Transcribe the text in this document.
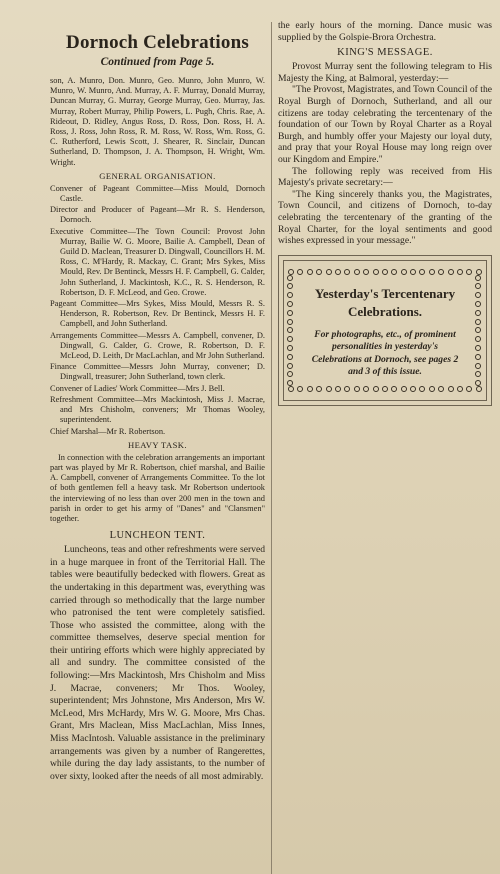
Dornoch Celebrations
Continued from Page 5.

son, A. Munro, Don. Munro, Geo. Munro, John Munro, W. Munro, W. Munro, And. Murray, A. F. Murray, Donald Murray, Duncan Murray, G. Murray, George Murray, Geo. Murray, Jas. Murray, Robert Murray, Philip Powers, L. Pugh, Chris. Rae, A. Rideout, D. Ridley, Angus Ross, D. Ross, Don. Ross, H. A. Ross, J. Ross, John Ross, R. M. Ross, W. Ross, Wm. Ross, G. C. Rutherford, Lewis Scott, J. Shearer, R. Sinclair, Duncan Sutherland, D. Thompson, J. A. Thompson, H. Wright, Wm. Wright.

GENERAL ORGANISATION.

Convener of Pageant Committee—Miss Mould, Dornoch Castle.

Director and Producer of Pageant—Mr R. S. Henderson, Dornoch.

Executive Committee—The Town Council: Provost John Murray, Bailie W. G. Moore, Bailie A. Campbell, Dean of Guild D. Maclean, Treasurer D. Dingwall, Councillors H. M. Ross, C. M'Hardy, R. Mackay, C. Grant; Mrs Sykes, Miss Mould, Rev. Dr Bentinck, Messrs H. F. Campbell, G. Calder, John Sutherland, J. Mackintosh, K.C., R. S. Henderson, R. Robertson, D. F. McLeod, and Geo. Crowe.

Pageant Committee—Mrs Sykes, Miss Mould, Messrs R. S. Henderson, R. Robertson, Rev. Dr Bentinck, Messrs H. F. Campbell, and John Sutherland.

Arrangements Committee—Messrs A. Campbell, convener, D. Dingwall, G. Calder, G. Crowe, R. Robertson, D. F. McLeod, D. Leith, Dr MacLachlan, and Mr John Sutherland.

Finance Committee—Messrs John Murray, convener; D. Dingwall, treasurer; John Sutherland, town clerk.

Convener of Ladies' Work Committee—Mrs J. Bell.

Refreshment Committee—Mrs Mackintosh, Miss J. Macrae, and Mrs Chisholm, conveners; Mr Thomas Wooley, superintendent.

Chief Marshal—Mr R. Robertson.

HEAVY TASK.

In connection with the celebration arrangements an important part was played by Mr R. Robertson, chief marshal, and Bailie A. Campbell, convener of Arrangements Committee. To the lot of both gentlemen fell a heavy task. Mr Robertson undertook the interviewing of no less than over 200 men in the town and parish in order to get his army of "Danes" and "Clansmen" together.

LUNCHEON TENT.

Luncheons, teas and other refreshments were served in a huge marquee in front of the Territorial Hall. The tables were beautifully bedecked with flowers. Great as the undertaking in this department was, everything was carried through so methodically that the large number who patronised the tent were completely satisfied. Those who assisted the committee, along with the committee themselves, deserve special mention for their untiring efforts which were highly appreciated by all and sundry. The committee consisted of the following:—Mrs Mackintosh, Mrs Chisholm and Miss J. Macrae, conveners; Mr Thos. Wooley, superintendent; Mrs Johnstone, Mrs Anderson, Mrs W. McLeod, Mrs McHardy, Mrs W. G. Moore, Mrs Chas. Grant, Mrs Maclean, Miss MacLachlan, Miss Innes, Miss MacIntosh. Valuable assistance in the preliminary arrangements was given by a number of Rangerettes, while during the day lady assistants, to the number of over sixty, looked after the needs of all most admirably.

the early hours of the morning. Dance music was supplied by the Golspie-Brora Orchestra.

KING'S MESSAGE.

Provost Murray sent the following telegram to His Majesty the King, at Balmoral, yesterday:—

"The Provost, Magistrates, and Town Council of the Royal Burgh of Dornoch, Sutherland, and all our citizens are today celebrating the tercentenary of the foundation of our Town by Royal Charter as a Royal Burgh, and humbly offer your Majesty our loyal duty, and pray that your Royal House may long reign over our Kingdom and Empire."

The following reply was received from His Majesty's private secretary:—

"The King sincerely thanks you, the Magistrates, Town Council, and citizens of Dornoch, to-day celebrating the tercentenary of the granting of the Royal Charter, for the loyal sentiments and good wishes expressed in your message."

Yesterday's Tercentenary Celebrations.
For photographs, etc., of prominent personalities in yesterday's Celebrations at Dornoch, see pages 2 and 3 of this issue.
